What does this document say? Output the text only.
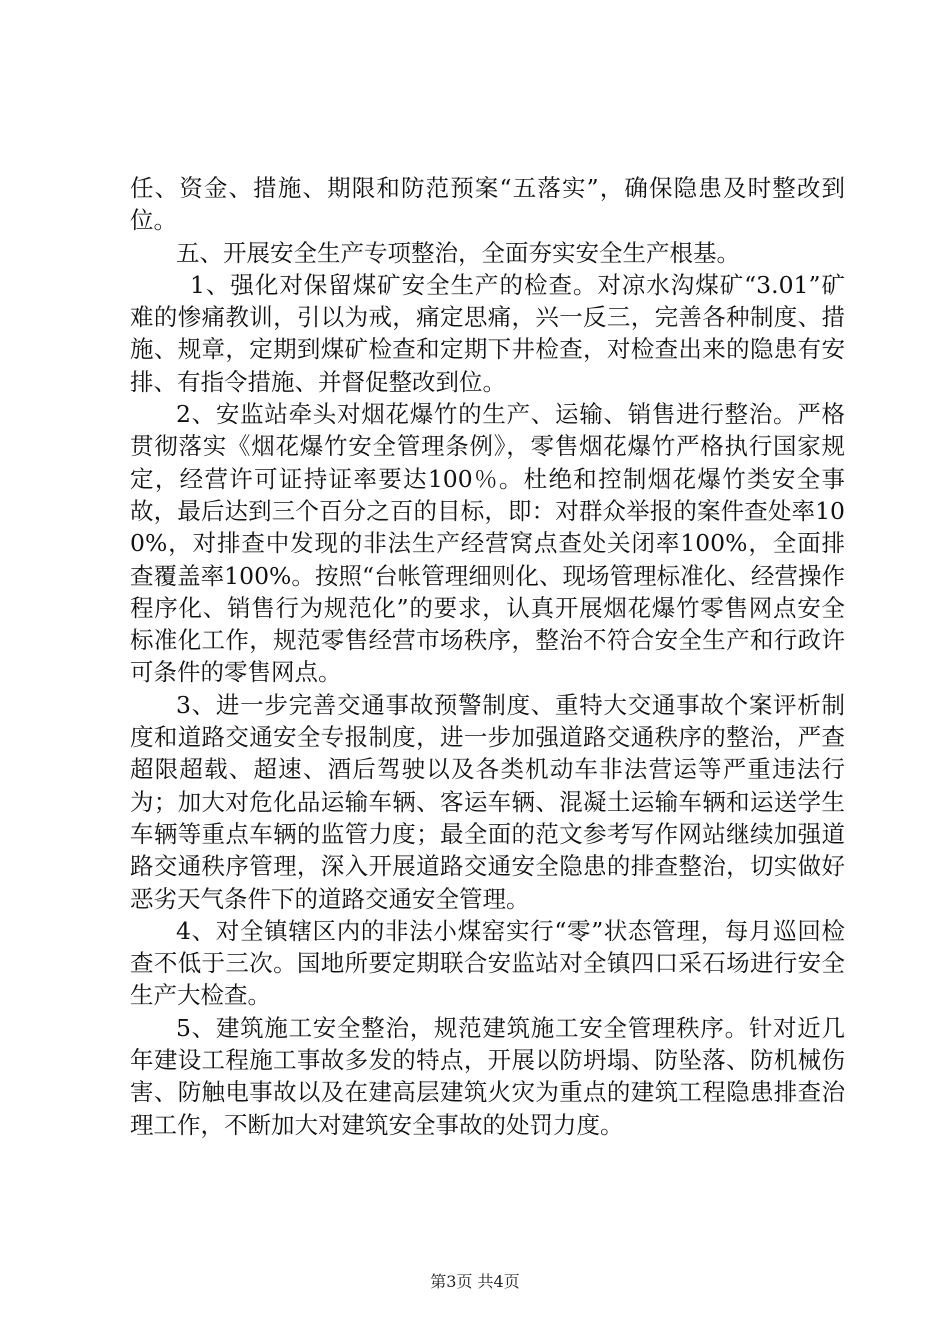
任、资金、措施、期限和防范预案“五落实”，确保隐患及时整改到位。

五、开展安全生产专项整治，全面夯实安全生产根基。

1、强化对保留煤矿安全生产的检查。对凉水沟煤矿“3.01”矿难的惨痛教训，引以为戒，痛定思痛，兴一反三，完善各种制度、措施、规章，定期到煤矿检查和定期下井检查，对检查出来的隐患有安排、有指令措施、并督促整改到位。

2、安监站牵头对烟花爆竹的生产、运输、销售进行整治。严格贯彻落实《烟花爆竹安全管理条例》，零售烟花爆竹严格执行国家规定，经营许可证持证率要达100％。杜绝和控制烟花爆竹类安全事故，最后达到三个百分之百的目标，即：对群众举报的案件查处率100%，对排查中发现的非法生产经营窝点查处关闭率100%，全面排查覆盖率100%。按照“台帐管理细则化、现场管理标准化、经营操作程序化、销售行为规范化”的要求，认真开展烟花爆竹零售网点安全标准化工作，规范零售经营市场秩序，整治不符合安全生产和行政许可条件的零售网点。

3、进一步完善交通事故预警制度、重特大交通事故个案评析制度和道路交通安全专报制度，进一步加强道路交通秩序的整治，严查超限超载、超速、酒后驾驶以及各类机动车非法营运等严重违法行为；加大对危化品运输车辆、客运车辆、混凝土运输车辆和运送学生车辆等重点车辆的监管力度；最全面的范文参考写作网站继续加强道路交通秩序管理，深入开展道路交通安全隐患的排查整治，切实做好恶劣天气条件下的道路交通安全管理。

4、对全镇辖区内的非法小煤窑实行“零”状态管理，每月巡回检查不低于三次。国地所要定期联合安监站对全镇四口采石场进行安全生产大检查。

5、建筑施工安全整治，规范建筑施工安全管理秩序。针对近几年建设工程施工事故多发的特点，开展以防坍塌、防坠落、防机械伤害、防触电事故以及在建高层建筑火灾为重点的建筑工程隐患排查治理工作，不断加大对建筑安全事故的处罚力度。

第3页 共4页
